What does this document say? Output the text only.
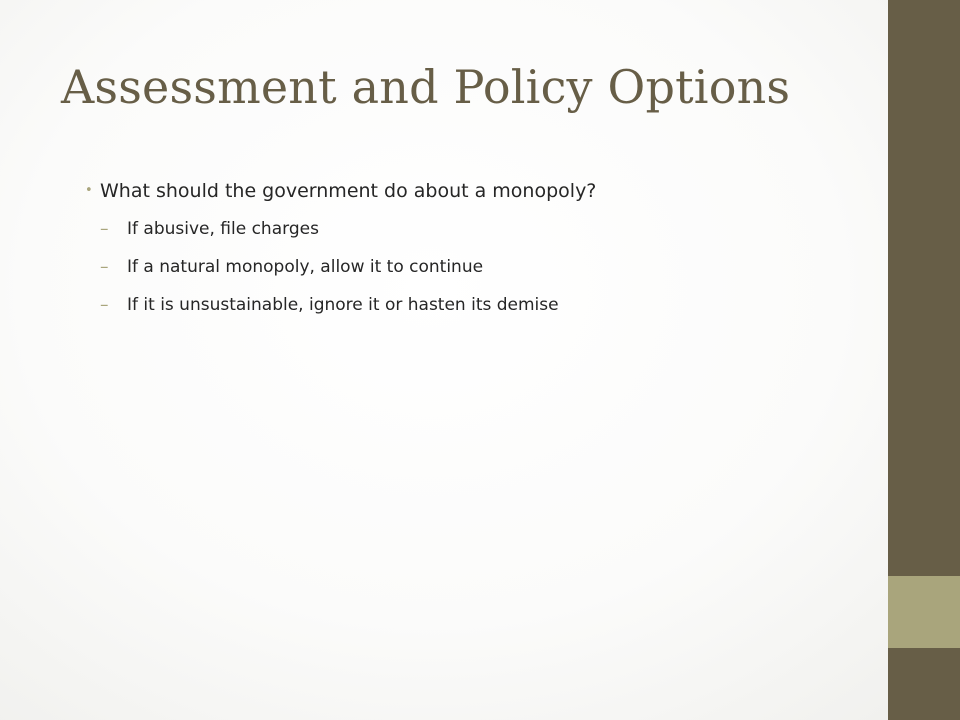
Assessment and Policy Options
• What should the government do about a monopoly?
– If abusive, file charges
– If a natural monopoly, allow it to continue
– If it is unsustainable, ignore it or hasten its demise
